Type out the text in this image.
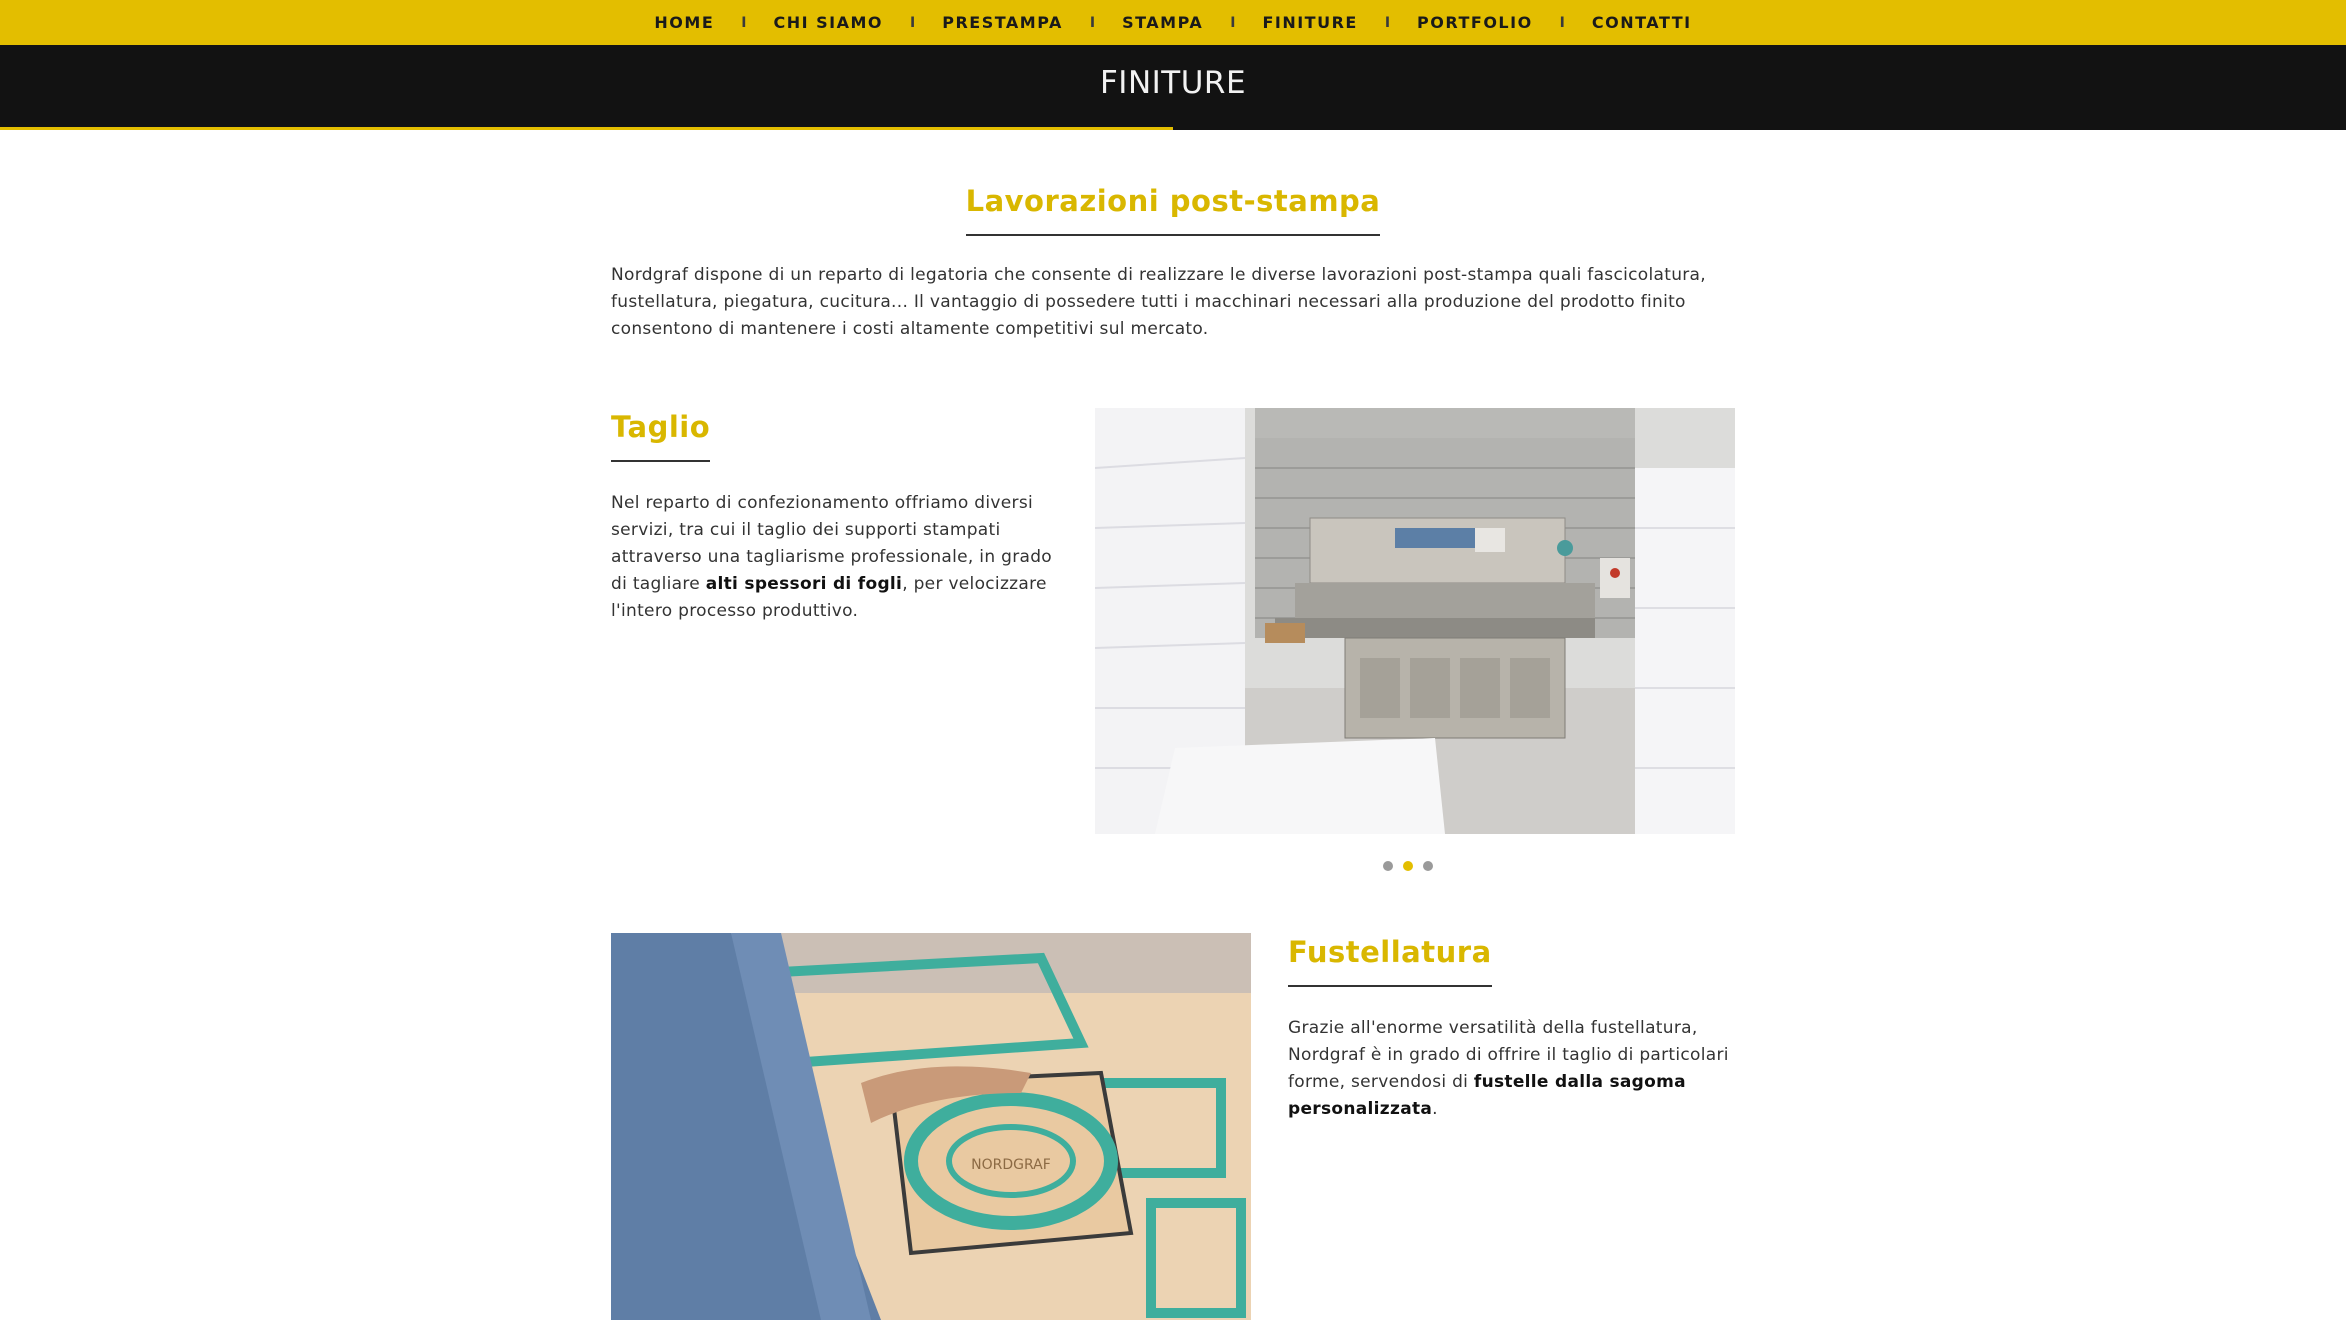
HOME I CHI SIAMO I PRESTAMPA I STAMPA I FINITURE I PORTFOLIO I CONTATTI
FINITURE
Lavorazioni post-stampa

Nordgraf dispone di un reparto di legatoria che consente di realizzare le diverse lavorazioni post-stampa quali fascicolatura, fustellatura, piegatura, cucitura... Il vantaggio di possedere tutti i macchinari necessari alla produzione del prodotto finito consentono di mantenere i costi altamente competitivi sul mercato.

Taglio

Nel reparto di confezionamento offriamo diversi servizi, tra cui il taglio dei supporti stampati attraverso una tagliarisme professionale, in grado di tagliare alti spessori di fogli, per velocizzare l'intero processo produttivo.

NORDGRAF
Fustellatura

Grazie all'enorme versatilità della fustellatura, Nordgraf è in grado di offrire il taglio di particolari forme, servendosi di fustelle dalla sagoma personalizzata.
